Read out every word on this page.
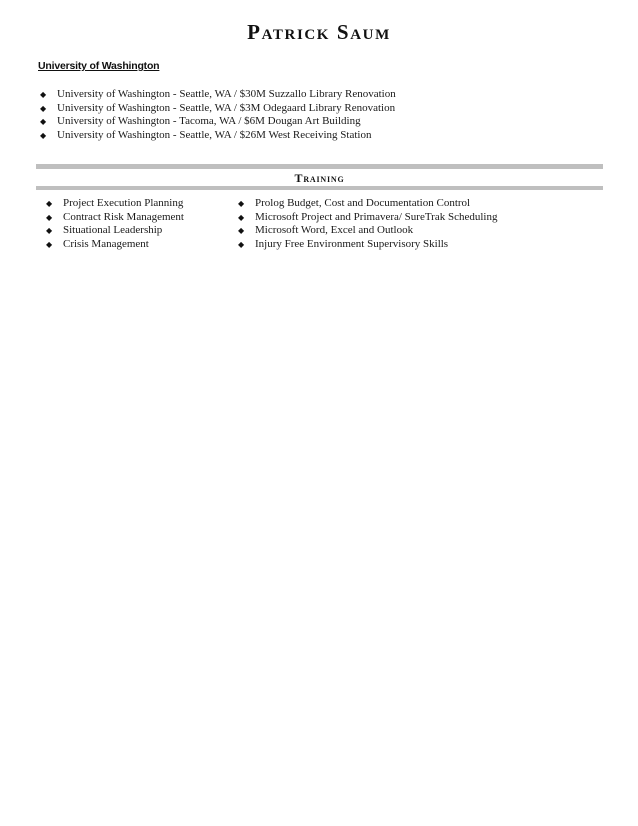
Patrick Saum
University of Washington
◆ University of Washington - Seattle, WA / $30M Suzzallo Library Renovation
◆ University of Washington - Seattle, WA / $3M Odegaard Library Renovation
◆ University of Washington - Tacoma, WA / $6M Dougan Art Building
◆ University of Washington - Seattle, WA / $26M West Receiving Station
Training
◆ Project Execution Planning
◆ Contract Risk Management
◆ Situational Leadership
◆ Crisis Management
◆ Prolog Budget, Cost and Documentation Control
◆ Microsoft Project and Primavera/ SureTrak Scheduling
◆ Microsoft Word, Excel and Outlook
◆ Injury Free Environment Supervisory Skills
